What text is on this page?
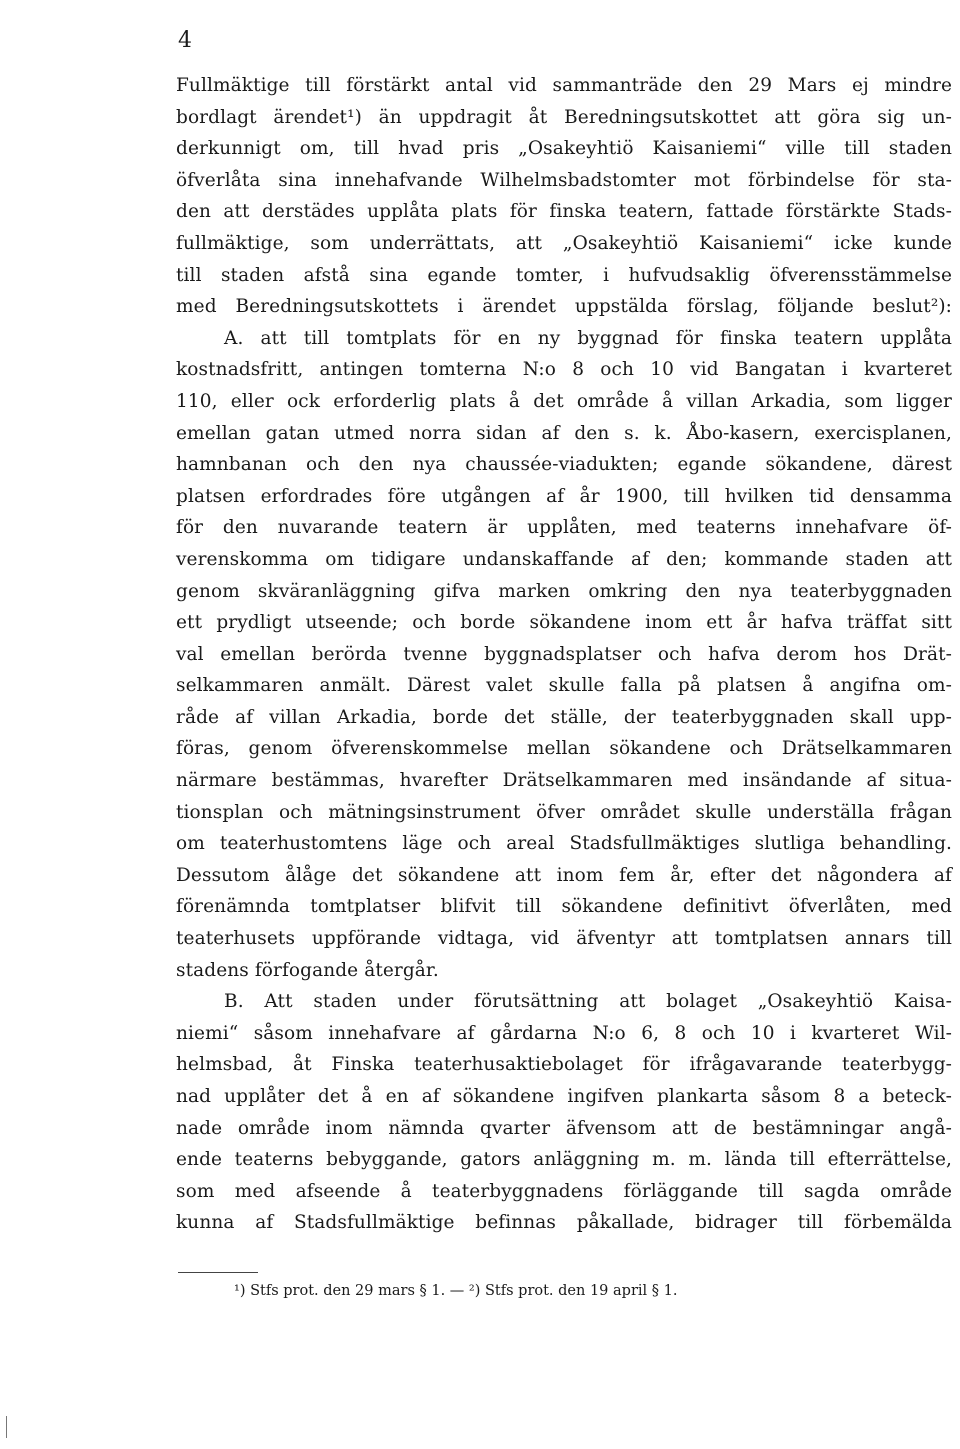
4
Fullmäktige till förstärkt antal vid sammanträde den 29 Mars ej mindre
bordlagt ärendet¹) än uppdragit åt Beredningsutskottet att göra sig un-
derkunnigt om, till hvad pris „Osakeyhtiö Kaisaniemi“ ville till staden
öfverlåta sina innehafvande Wilhelmsbadstomter mot förbindelse för sta-
den att derstädes upplåta plats för finska teatern, fattade förstärkte Stads-
fullmäktige, som underrättats, att „Osakeyhtiö Kaisaniemi“ icke kunde
till staden afstå sina egande tomter, i hufvudsaklig öfverensstämmelse
med Beredningsutskottets i ärendet uppstälda förslag, följande beslut²):
A. att till tomtplats för en ny byggnad för finska teatern upplåta
kostnadsfritt, antingen tomterna N:o 8 och 10 vid Bangatan i kvarteret
110, eller ock erforderlig plats å det område å villan Arkadia, som ligger
emellan gatan utmed norra sidan af den s. k. Åbo-kasern, exercisplanen,
hamnbanan och den nya chaussée-viadukten; egande sökandene, därest
platsen erfordrades före utgången af år 1900, till hvilken tid densamma
för den nuvarande teatern är upplåten, med teaterns innehafvare öf-
verenskomma om tidigare undanskaffande af den; kommande staden att
genom skväranläggning gifva marken omkring den nya teaterbyggnaden
ett prydligt utseende; och borde sökandene inom ett år hafva träffat sitt
val emellan berörda tvenne byggnadsplatser och hafva derom hos Drät-
selkammaren anmält. Därest valet skulle falla på platsen å angifna om-
råde af villan Arkadia, borde det ställe, der teaterbyggnaden skall upp-
föras, genom öfverenskommelse mellan sökandene och Drätselkammaren
närmare bestämmas, hvarefter Drätselkammaren med insändande af situa-
tionsplan och mätningsinstrument öfver området skulle underställa frågan
om teaterhustomtens läge och areal Stadsfullmäktiges slutliga behandling.
Dessutom ålåge det sökandene att inom fem år, efter det någondera af
förenämnda tomtplatser blifvit till sökandene definitivt öfverlåten, med
teaterhusets uppförande vidtaga, vid äfventyr att tomtplatsen annars till
stadens förfogande återgår.
B. Att staden under förutsättning att bolaget „Osakeyhtiö Kaisa-
niemi“ såsom innehafvare af gårdarna N:o 6, 8 och 10 i kvarteret Wil-
helmsbad, åt Finska teaterhusaktiebolaget för ifrågavarande teaterbygg-
nad upplåter det å en af sökandene ingifven plankarta såsom 8 a beteck-
nade område inom nämnda qvarter äfvensom att de bestämningar angå-
ende teaterns bebyggande, gators anläggning m. m. lända till efterrättelse,
som med afseende å teaterbyggnadens förläggande till sagda område
kunna af Stadsfullmäktige befinnas påkallade, bidrager till förbemälda
¹) Stfs prot. den 29 mars § 1. — ²) Stfs prot. den 19 april § 1.
